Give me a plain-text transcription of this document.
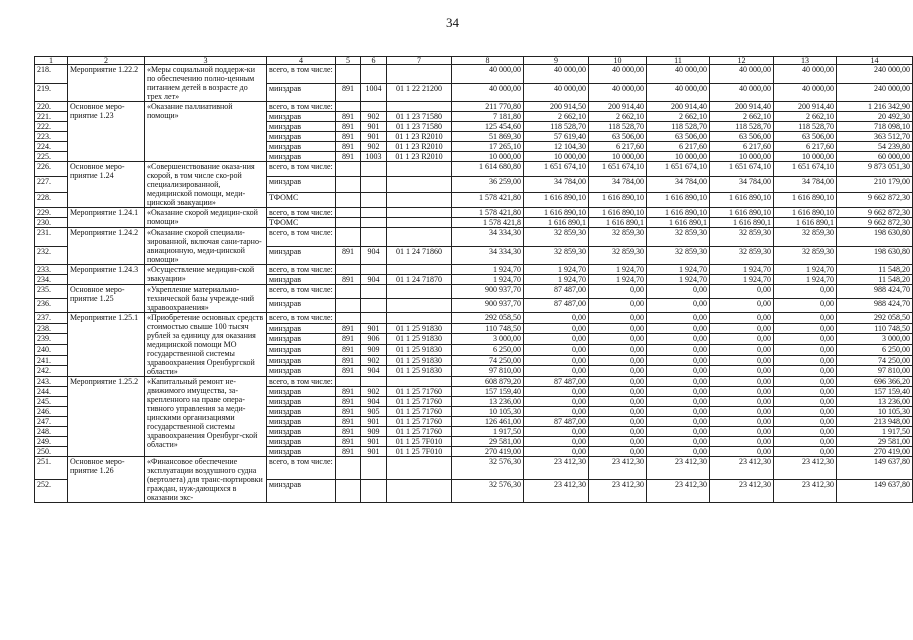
34
1	2	3	4	5	6	7	8	9	10	11	12	13	14
218.	Мероприятие 1.22.2	«Меры социальной поддерж-ки по обеспечению полно-ценным питанием детей в возрасте до трех лет»	всего, в том числе:				40 000,00	40 000,00	40 000,00	40 000,00	40 000,00	40 000,00	240 000,00
219.			минздрав	891	1004	01 1 22 21200	40 000,00	40 000,00	40 000,00	40 000,00	40 000,00	40 000,00	240 000,00
220.	Основное меро-приятие 1.23	«Оказание паллиативной помощи»	всего, в том числе:				211 770,80	200 914,50	200 914,40	200 914,40	200 914,40	200 914,40	1 216 342,90
221.			минздрав	891	902	01 1 23 71580	7 181,80	2 662,10	2 662,10	2 662,10	2 662,10	2 662,10	20 492,30
222.			минздрав	891	901	01 1 23 71580	125 454,60	118 528,70	118 528,70	118 528,70	118 528,70	118 528,70	718 098,10
223.			минздрав	891	901	01 1 23 R2010	51 869,30	57 619,40	63 506,00	63 506,00	63 506,00	63 506,00	363 512,70
224.			минздрав	891	902	01 1 23 R2010	17 265,10	12 104,30	6 217,60	6 217,60	6 217,60	6 217,60	54 239,80
225.			минздрав	891	1003	01 1 23 R2010	10 000,00	10 000,00	10 000,00	10 000,00	10 000,00	10 000,00	60 000,00
226.	Основное меро-приятие 1.24	«Совершенствование оказа-ния скорой, в том числе ско-рой специализированной, медицинской помощи, меди-цинской эвакуации»	всего, в том числе:				1 614 680,80	1 651 674,10	1 651 674,10	1 651 674,10	1 651 674,10	1 651 674,10	9 873 051,30
227.			минздрав				36 259,00	34 784,00	34 784,00	34 784,00	34 784,00	34 784,00	210 179,00
228.			ТФОМС				1 578 421,80	1 616 890,10	1 616 890,10	1 616 890,10	1 616 890,10	1 616 890,10	9 662 872,30
229.	Мероприятие 1.24.1	«Оказание скорой медицин-ской помощи»	всего, в том числе:				1 578 421,80	1 616 890,10	1 616 890,10	1 616 890,10	1 616 890,10	1 616 890,10	9 662 872,30
230.			ТФОМС				1 578 421,8	1 616 890,1	1 616 890,1	1 616 890,1	1 616 890,1	1 616 890,1	9 662 872,30
231.	Мероприятие 1.24.2	«Оказание скорой специали-зированной, включая сани-тарно-авиационную, меди-цинской помощи»	всего, в том числе:				34 334,30	32 859,30	32 859,30	32 859,30	32 859,30	32 859,30	198 630,80
232.			минздрав	891	904	01 1 24 71860	34 334,30	32 859,30	32 859,30	32 859,30	32 859,30	32 859,30	198 630,80
233.	Мероприятие 1.24.3	«Осуществление медицин-ской эвакуации»	всего, в том числе:				1 924,70	1 924,70	1 924,70	1 924,70	1 924,70	1 924,70	11 548,20
234.			минздрав	891	904	01 1 24 71870	1 924,70	1 924,70	1 924,70	1 924,70	1 924,70	1 924,70	11 548,20
235.	Основное меро-приятие 1.25	«Укрепление материально-технической базы учрежде-ний здравоохранения»	всего, в том числе:				900 937,70	87 487,00	0,00	0,00	0,00	0,00	988 424,70
236.			минздрав				900 937,70	87 487,00	0,00	0,00	0,00	0,00	988 424,70
237.	Мероприятие 1.25.1	«Приобретение основных средств стоимостью свыше 100 тысяч рублей за единицу для оказания медицинской помощи МО государственной системы здравоохранения Оренбургской области»	всего, в том числе:				292 058,50	0,00	0,00	0,00	0,00	0,00	292 058,50
238.			минздрав	891	901	01 1 25 91830	110 748,50	0,00	0,00	0,00	0,00	0,00	110 748,50
239.			минздрав	891	906	01 1 25 91830	3 000,00	0,00	0,00	0,00	0,00	0,00	3 000,00
240.			минздрав	891	909	01 1 25 91830	6 250,00	0,00	0,00	0,00	0,00	0,00	6 250,00
241.			минздрав	891	902	01 1 25 91830	74 250,00	0,00	0,00	0,00	0,00	0,00	74 250,00
242.			минздрав	891	904	01 1 25 91830	97 810,00	0,00	0,00	0,00	0,00	0,00	97 810,00
243.	Мероприятие 1.25.2	«Капитальный ремонт не-движимого имущества, за-крепленного на праве опера-тивного управления за меди-цинскими организациями государственной системы здравоохранения Оренбург-ской области»	всего, в том числе:				608 879,20	87 487,00	0,00	0,00	0,00	0,00	696 366,20
244.			минздрав	891	902	01 1 25 71760	157 159,40	0,00	0,00	0,00	0,00	0,00	157 159,40
245.			минздрав	891	904	01 1 25 71760	13 236,00	0,00	0,00	0,00	0,00	0,00	13 236,00
246.			минздрав	891	905	01 1 25 71760	10 105,30	0,00	0,00	0,00	0,00	0,00	10 105,30
247.			минздрав	891	901	01 1 25 71760	126 461,00	87 487,00	0,00	0,00	0,00	0,00	213 948,00
248.			минздрав	891	909	01 1 25 71760	1 917,50	0,00	0,00	0,00	0,00	0,00	1 917,50
249.			минздрав	891	901	01 1 25 7F010	29 581,00	0,00	0,00	0,00	0,00	0,00	29 581,00
250.			минздрав	891	901	01 1 25 7F010	270 419,00	0,00	0,00	0,00	0,00	0,00	270 419,00
251.	Основное меро-приятие 1.26	«Финансовое обеспечение эксплуатации воздушного судна (вертолета) для транс-портировки граждан, нуж-дающихся в оказании экс-	всего, в том числе:				32 576,30	23 412,30	23 412,30	23 412,30	23 412,30	23 412,30	149 637,80
252.			минздрав				32 576,30	23 412,30	23 412,30	23 412,30	23 412,30	23 412,30	149 637,80
